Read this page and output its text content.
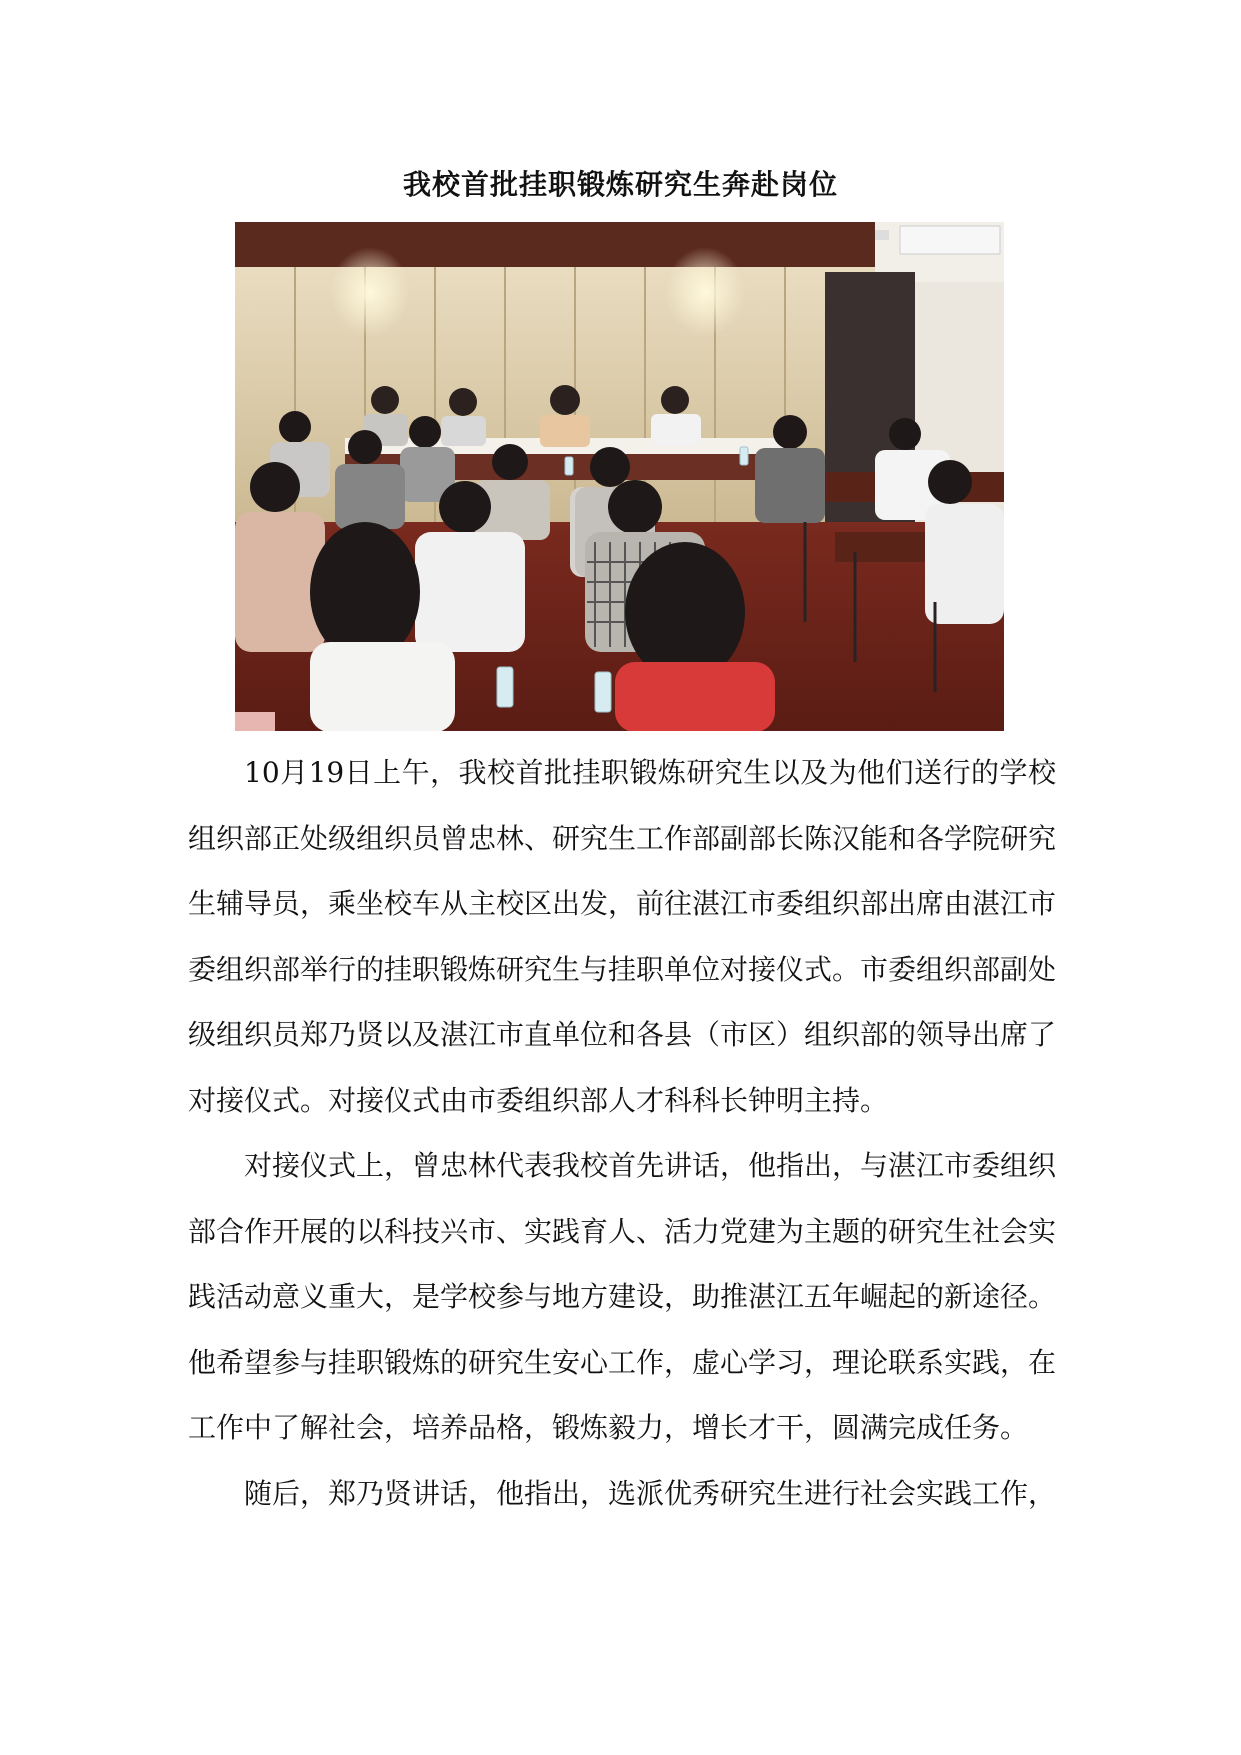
我校首批挂职锻炼研究生奔赴岗位

10月19日上午，我校首批挂职锻炼研究生以及为他们送行的学校组织部正处级组织员曾忠林、研究生工作部副部长陈汉能和各学院研究生辅导员，乘坐校车从主校区出发，前往湛江市委组织部出席由湛江市委组织部举行的挂职锻炼研究生与挂职单位对接仪式。市委组织部副处级组织员郑乃贤以及湛江市直单位和各县（市区）组织部的领导出席了对接仪式。对接仪式由市委组织部人才科科长钟明主持。

对接仪式上，曾忠林代表我校首先讲话，他指出，与湛江市委组织部合作开展的以科技兴市、实践育人、活力党建为主题的研究生社会实践活动意义重大，是学校参与地方建设，助推湛江五年崛起的新途径。他希望参与挂职锻炼的研究生安心工作，虚心学习，理论联系实践，在工作中了解社会，培养品格，锻炼毅力，增长才干，圆满完成任务。

随后，郑乃贤讲话，他指出，选派优秀研究生进行社会实践工作，
